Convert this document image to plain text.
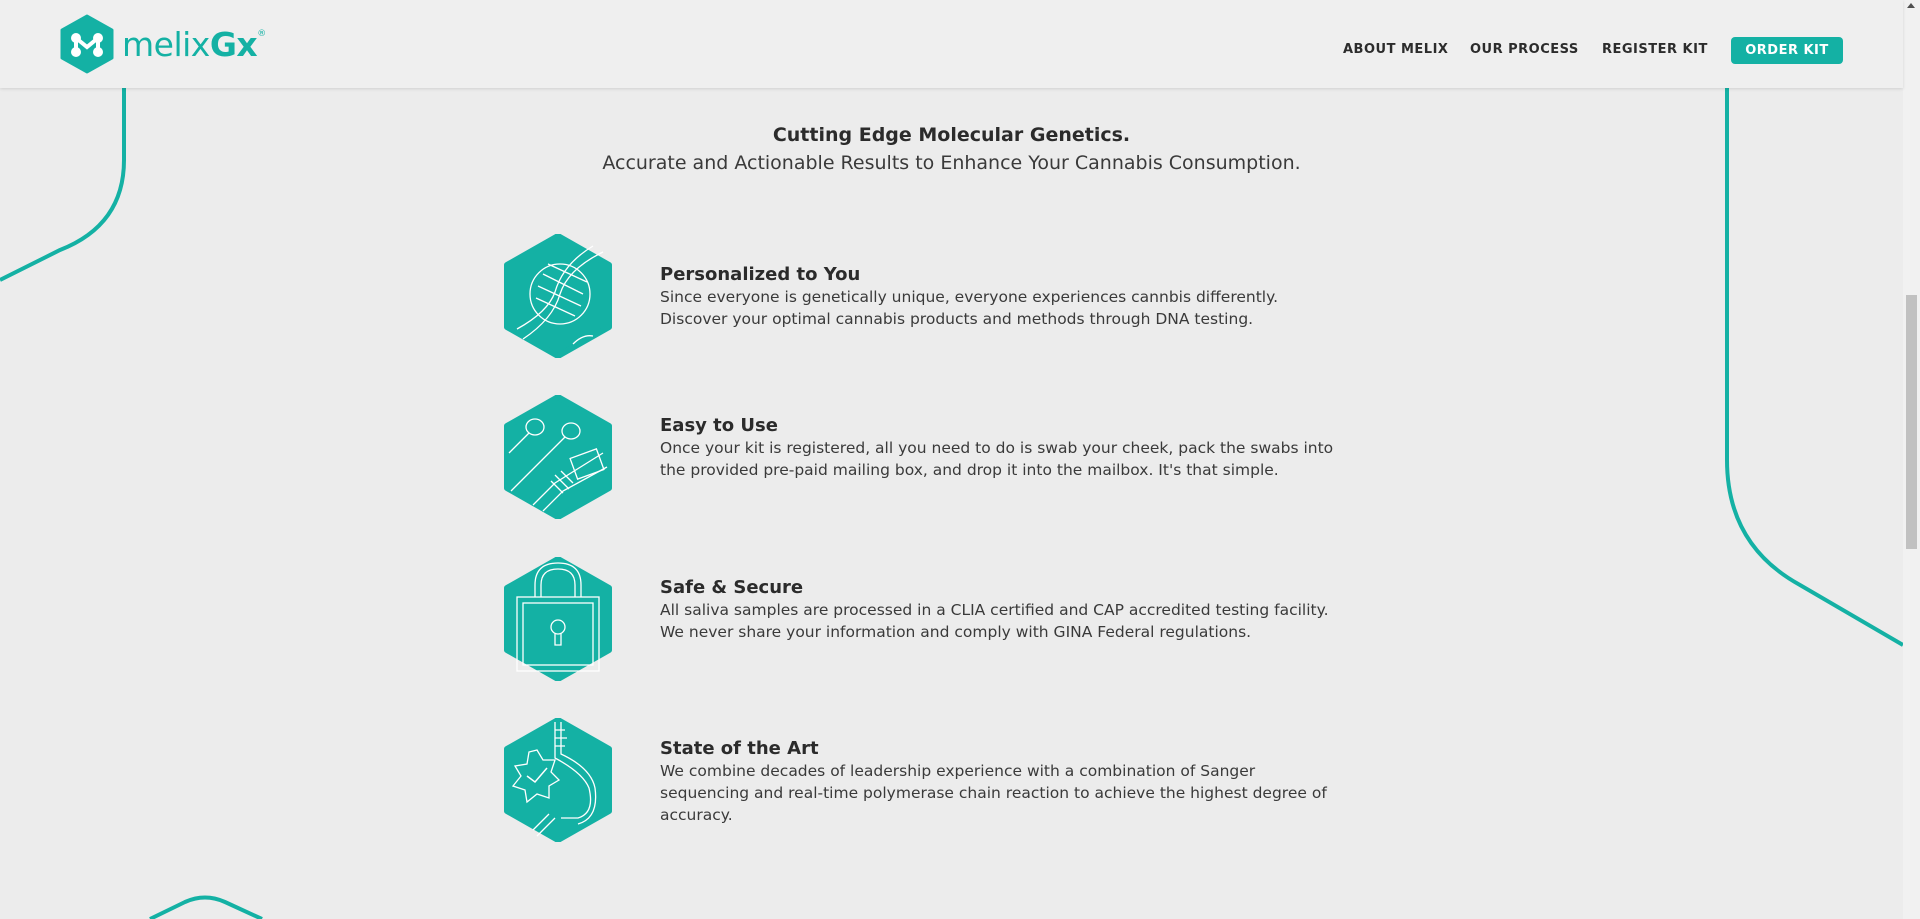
melixGx®
ABOUT MELIX OUR PROCESS REGISTER KIT	ORDER KIT
Cutting Edge Molecular Genetics.
Accurate and Actionable Results to Enhance Your Cannabis Consumption.
Personalized to You
Since everyone is genetically unique, everyone experiences cannbis differently. Discover your optimal cannabis products and methods through DNA testing.
Easy to Use
Once your kit is registered, all you need to do is swab your cheek, pack the swabs into the provided pre-paid mailing box, and drop it into the mailbox. It's that simple.
Safe & Secure
All saliva samples are processed in a CLIA certified and CAP accredited testing facility. We never share your information and comply with GINA Federal regulations.
State of the Art
We combine decades of leadership experience with a combination of Sanger sequencing and real-time polymerase chain reaction to achieve the highest degree of accuracy.
